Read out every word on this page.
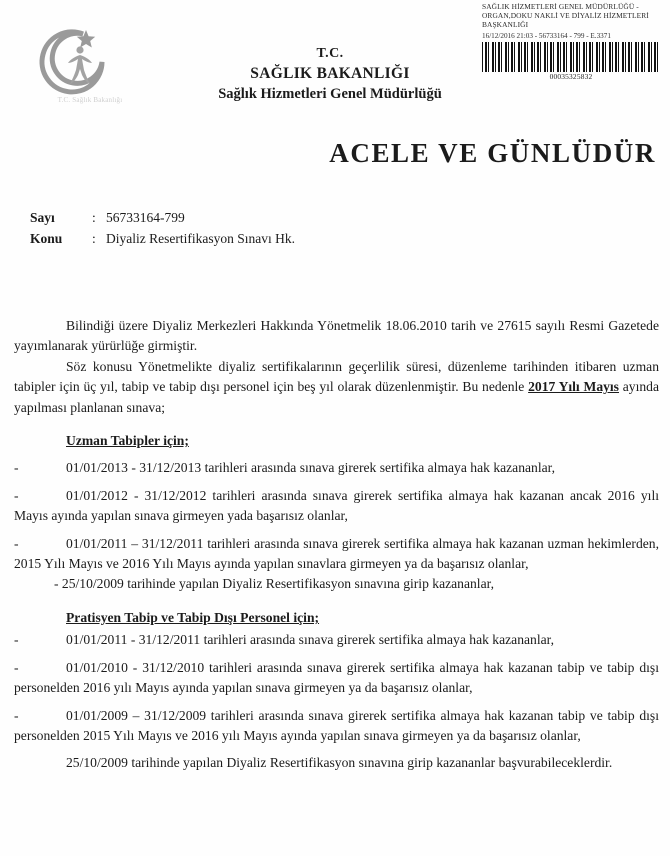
SAĞLIK HİZMETLERİ GENEL MÜDÜRLÜĞÜ -
ORGAN,DOKU NAKLİ VE DİYALİZ HİZMETLERİ
BAŞKANLIĞI
16/12/2016 21:03 - 56733164 - 799 - E.3371
00035325832
T.C. Sağlık Bakanlığı
T.C.
SAĞLIK BAKANLIĞI
Sağlık Hizmetleri Genel Müdürlüğü
ACELE VE GÜNLÜDÜR
Sayı	: 56733164-799
Konu	: Diyaliz Resertifikasyon Sınavı Hk.

Bilindiği üzere Diyaliz Merkezleri Hakkında Yönetmelik 18.06.2010 tarih ve 27615 sayılı Resmi Gazetede yayımlanarak yürürlüğe girmiştir.

Söz konusu Yönetmelikte diyaliz sertifikalarının geçerlilik süresi, düzenleme tarihinden itibaren uzman tabipler için üç yıl, tabip ve tabip dışı personel için beş yıl olarak düzenlenmiştir. Bu nedenle 2017 Yılı Mayıs ayında yapılması planlanan sınava;

Uzman Tabipler için;
-	01/01/2013 - 31/12/2013 tarihleri arasında sınava girerek sertifika almaya hak kazananlar,
-	01/01/2012 - 31/12/2012 tarihleri arasında sınava girerek sertifika almaya hak kazanan ancak 2016 yılı Mayıs ayında yapılan sınava girmeyen yada başarısız olanlar,
-	01/01/2011 – 31/12/2011 tarihleri arasında sınava girerek sertifika almaya hak kazanan uzman hekimlerden, 2015 Yılı Mayıs ve 2016 Yılı Mayıs ayında yapılan sınavlara girmeyen ya da başarısız olanlar,
- 25/10/2009 tarihinde yapılan Diyaliz Resertifikasyon sınavına girip kazananlar,
Pratisyen Tabip ve Tabip Dışı Personel için;
-	01/01/2011 - 31/12/2011 tarihleri arasında sınava girerek sertifika almaya hak kazananlar,
-	01/01/2010 - 31/12/2010 tarihleri arasında sınava girerek sertifika almaya hak kazanan tabip ve tabip dışı personelden 2016 yılı Mayıs ayında yapılan sınava girmeyen ya da başarısız olanlar,
-	01/01/2009 – 31/12/2009 tarihleri arasında sınava girerek sertifika almaya hak kazanan tabip ve tabip dışı personelden 2015 Yılı Mayıs ve 2016 yılı Mayıs ayında yapılan sınava girmeyen ya da başarısız olanlar,
25/10/2009 tarihinde yapılan Diyaliz Resertifikasyon sınavına girip kazananlar başvurabileceklerdir.
